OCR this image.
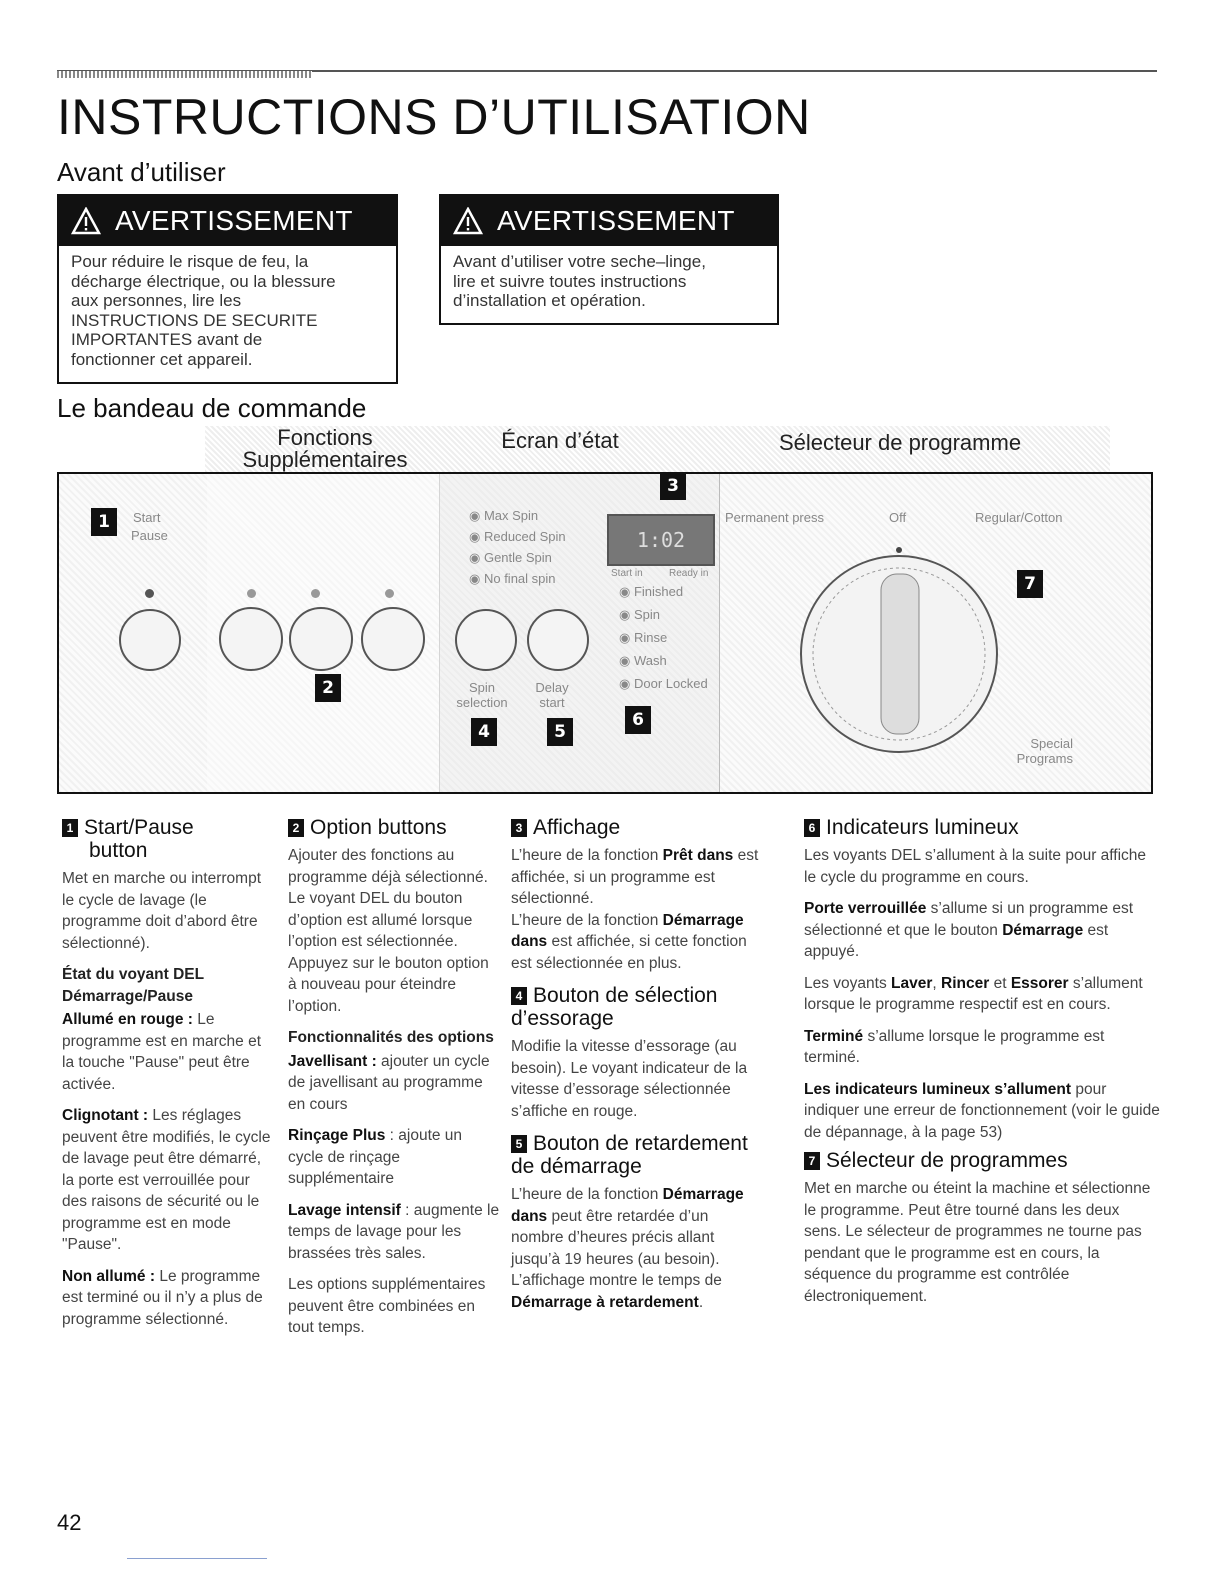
INSTRUCTIONS D’UTILISATION
Avant d’utiliser
AVERTISSEMENT
Pour réduire le risque de feu, la
décharge électrique, ou la blessure
aux personnes, lire les
INSTRUCTIONS DE SECURITE
IMPORTANTES avant de
fonctionner cet appareil.
AVERTISSEMENT
Avant d’utiliser votre seche–linge,
lire et suivre toutes instructions
d’installation et opération.
Le bandeau de commande
Fonctions
Supplémentaires
Écran d’état	Sélecteur de programme
1	Start
Pause
2
◉ Max Spin
◉ Reduced Spin
◉ Gentle Spin
◉ No final spin
3
1:02
Start in	Ready in
◉ Finished
◉ Spin
◉ Rinse
◉ Wash
◉ Door Locked
Spin selection
Delay start
4	5
6
Permanent press	Off	Regular/Cotton
7
Special Programs
1 Start/Pause
button

Met en marche ou interrompt le cycle de lavage (le programme doit d’abord être sélectionné).

État du voyant DEL Démarrage/Pause

Allumé en rouge : Le programme est en marche et la touche "Pause" peut être activée.

Clignotant : Les réglages peuvent être modifiés, le cycle de lavage peut être démarré, la porte est verrouillée pour des raisons de sécurité ou le programme est en mode "Pause".

Non allumé : Le programme est terminé ou il n’y a plus de programme sélectionné.

2 Option buttons

Ajouter des fonctions au programme déjà sélectionné. Le voyant DEL du bouton d’option est allumé lorsque l’option est sélectionnée. Appuyez sur le bouton option à nouveau pour éteindre l’option.

Fonctionnalités des options

Javellisant : ajouter un cycle de javellisant au programme en cours

Rinçage Plus : ajoute un cycle de rinçage supplémentaire

Lavage intensif : augmente le temps de lavage pour les brassées très sales.

Les options supplémentaires peuvent être combinées en tout temps.

3 Affichage

L’heure de la fonction Prêt dans est affichée, si un programme est sélectionné.

L’heure de la fonction Démarrage dans est affichée, si cette fonction est sélectionnée en plus.

4 Bouton de sélection
d’essorage

Modifie la vitesse d’essorage (au besoin). Le voyant indicateur de la vitesse d’essorage sélectionnée s’affiche en rouge.

5 Bouton de retardement
de démarrage

L’heure de la fonction Démarrage dans peut être retardée d’un nombre d’heures précis allant jusqu’à 19 heures (au besoin). L’affichage montre le temps de Démarrage à retardement.

6 Indicateurs lumineux

Les voyants DEL s’allument à la suite pour affiche le cycle du programme en cours.

Porte verrouillée s’allume si un programme est sélectionné et que le bouton Démarrage est appuyé.

Les voyants Laver, Rincer et Essorer s’allument lorsque le programme respectif est en cours.

Terminé s’allume lorsque le programme est terminé.

Les indicateurs lumineux s’allument pour indiquer une erreur de fonctionnement (voir le guide de dépannage, à la page 53)

7 Sélecteur de programmes

Met en marche ou éteint la machine et sélectionne le programme. Peut être tourné dans les deux sens. Le sélecteur de programmes ne tourne pas pendant que le programme est en cours, la séquence du programme est contrôlée électroniquement.

42
